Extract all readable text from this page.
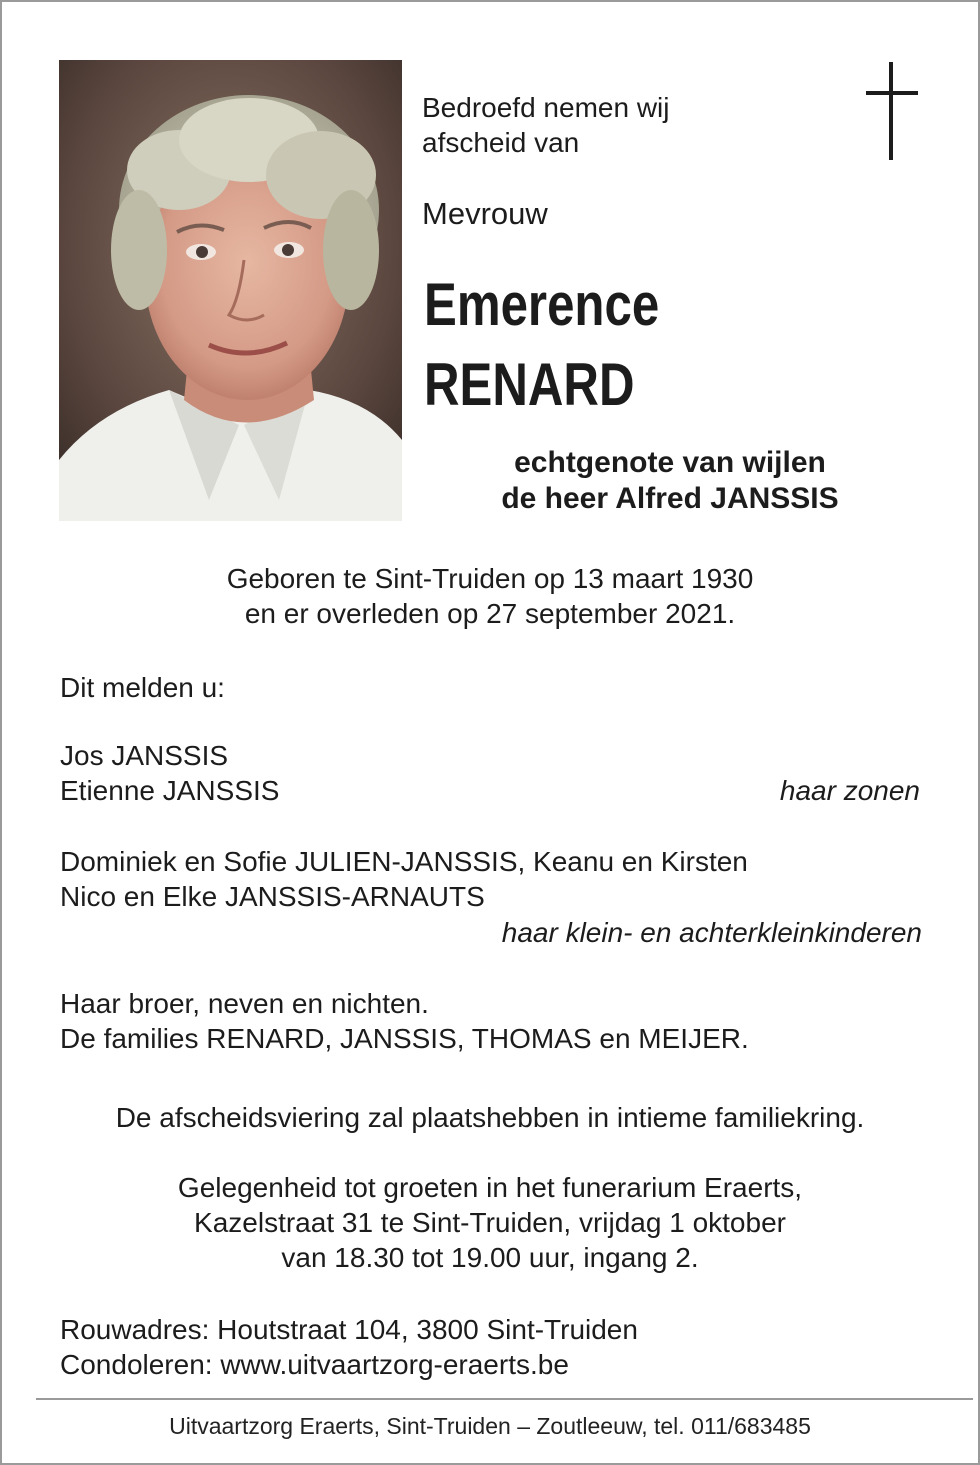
Bedroefd nemen wij
afscheid van
Mevrouw
Emerence
RENARD
echtgenote van wijlen
de heer Alfred JANSSIS
Geboren te Sint-Truiden op 13 maart 1930
en er overleden op 27 september 2021.
Dit melden u:
Jos JANSSIS
Etienne JANSSIS	haar zonen
Dominiek en Sofie JULIEN-JANSSIS, Keanu en Kirsten
Nico en Elke JANSSIS-ARNAUTS
haar klein- en achterkleinkinderen
Haar broer, neven en nichten.
De families RENARD, JANSSIS, THOMAS en MEIJER.
De afscheidsviering zal plaatshebben in intieme familiekring.
Gelegenheid tot groeten in het funerarium Eraerts,
Kazelstraat 31 te Sint-Truiden, vrijdag 1 oktober
van 18.30 tot 19.00 uur, ingang 2.
Rouwadres: Houtstraat 104, 3800 Sint-Truiden
Condoleren: www.uitvaartzorg-eraerts.be
Uitvaartzorg Eraerts, Sint-Truiden – Zoutleeuw, tel. 011/683485
